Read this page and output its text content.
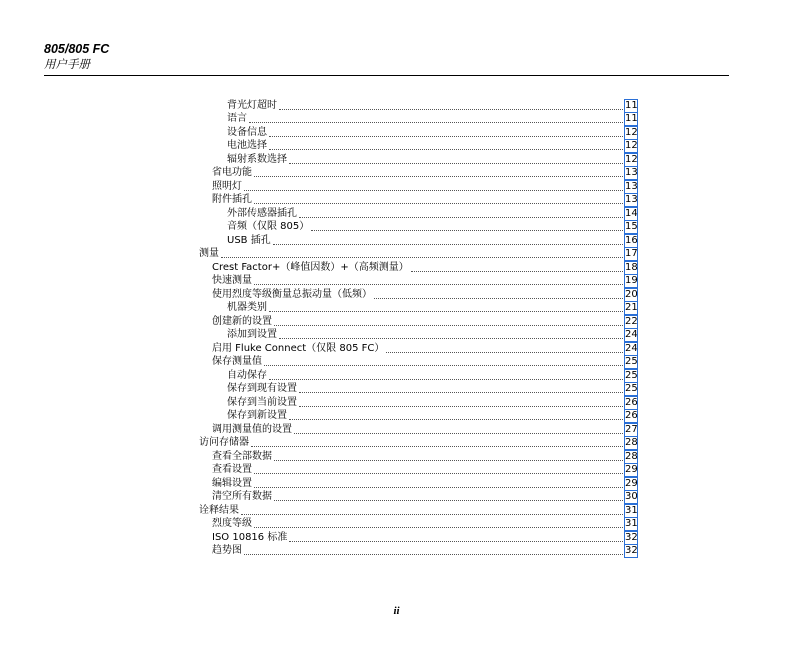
805/805 FC
用户手册
背光灯超时	11
语言	11
设备信息	12
电池选择	12
辐射系数选择	12
省电功能	13
照明灯	13
附件插孔	13
外部传感器插孔	14
音频（仅限 805）	15
USB 插孔	16
测量	17
Crest Factor+（峰值因数）+（高频测量）	18
快速测量	19
使用烈度等级衡量总振动量（低频）	20
机器类别	21
创建新的设置	22
添加到设置	24
启用 Fluke Connect（仅限 805 FC）	24
保存测量值	25
自动保存	25
保存到现有设置	25
保存到当前设置	26
保存到新设置	26
调用测量值的设置	27
访问存储器	28
查看全部数据	28
查看设置	29
编辑设置	29
清空所有数据	30
诠释结果	31
烈度等级	31
ISO 10816 标准	32
趋势图	32
ii
